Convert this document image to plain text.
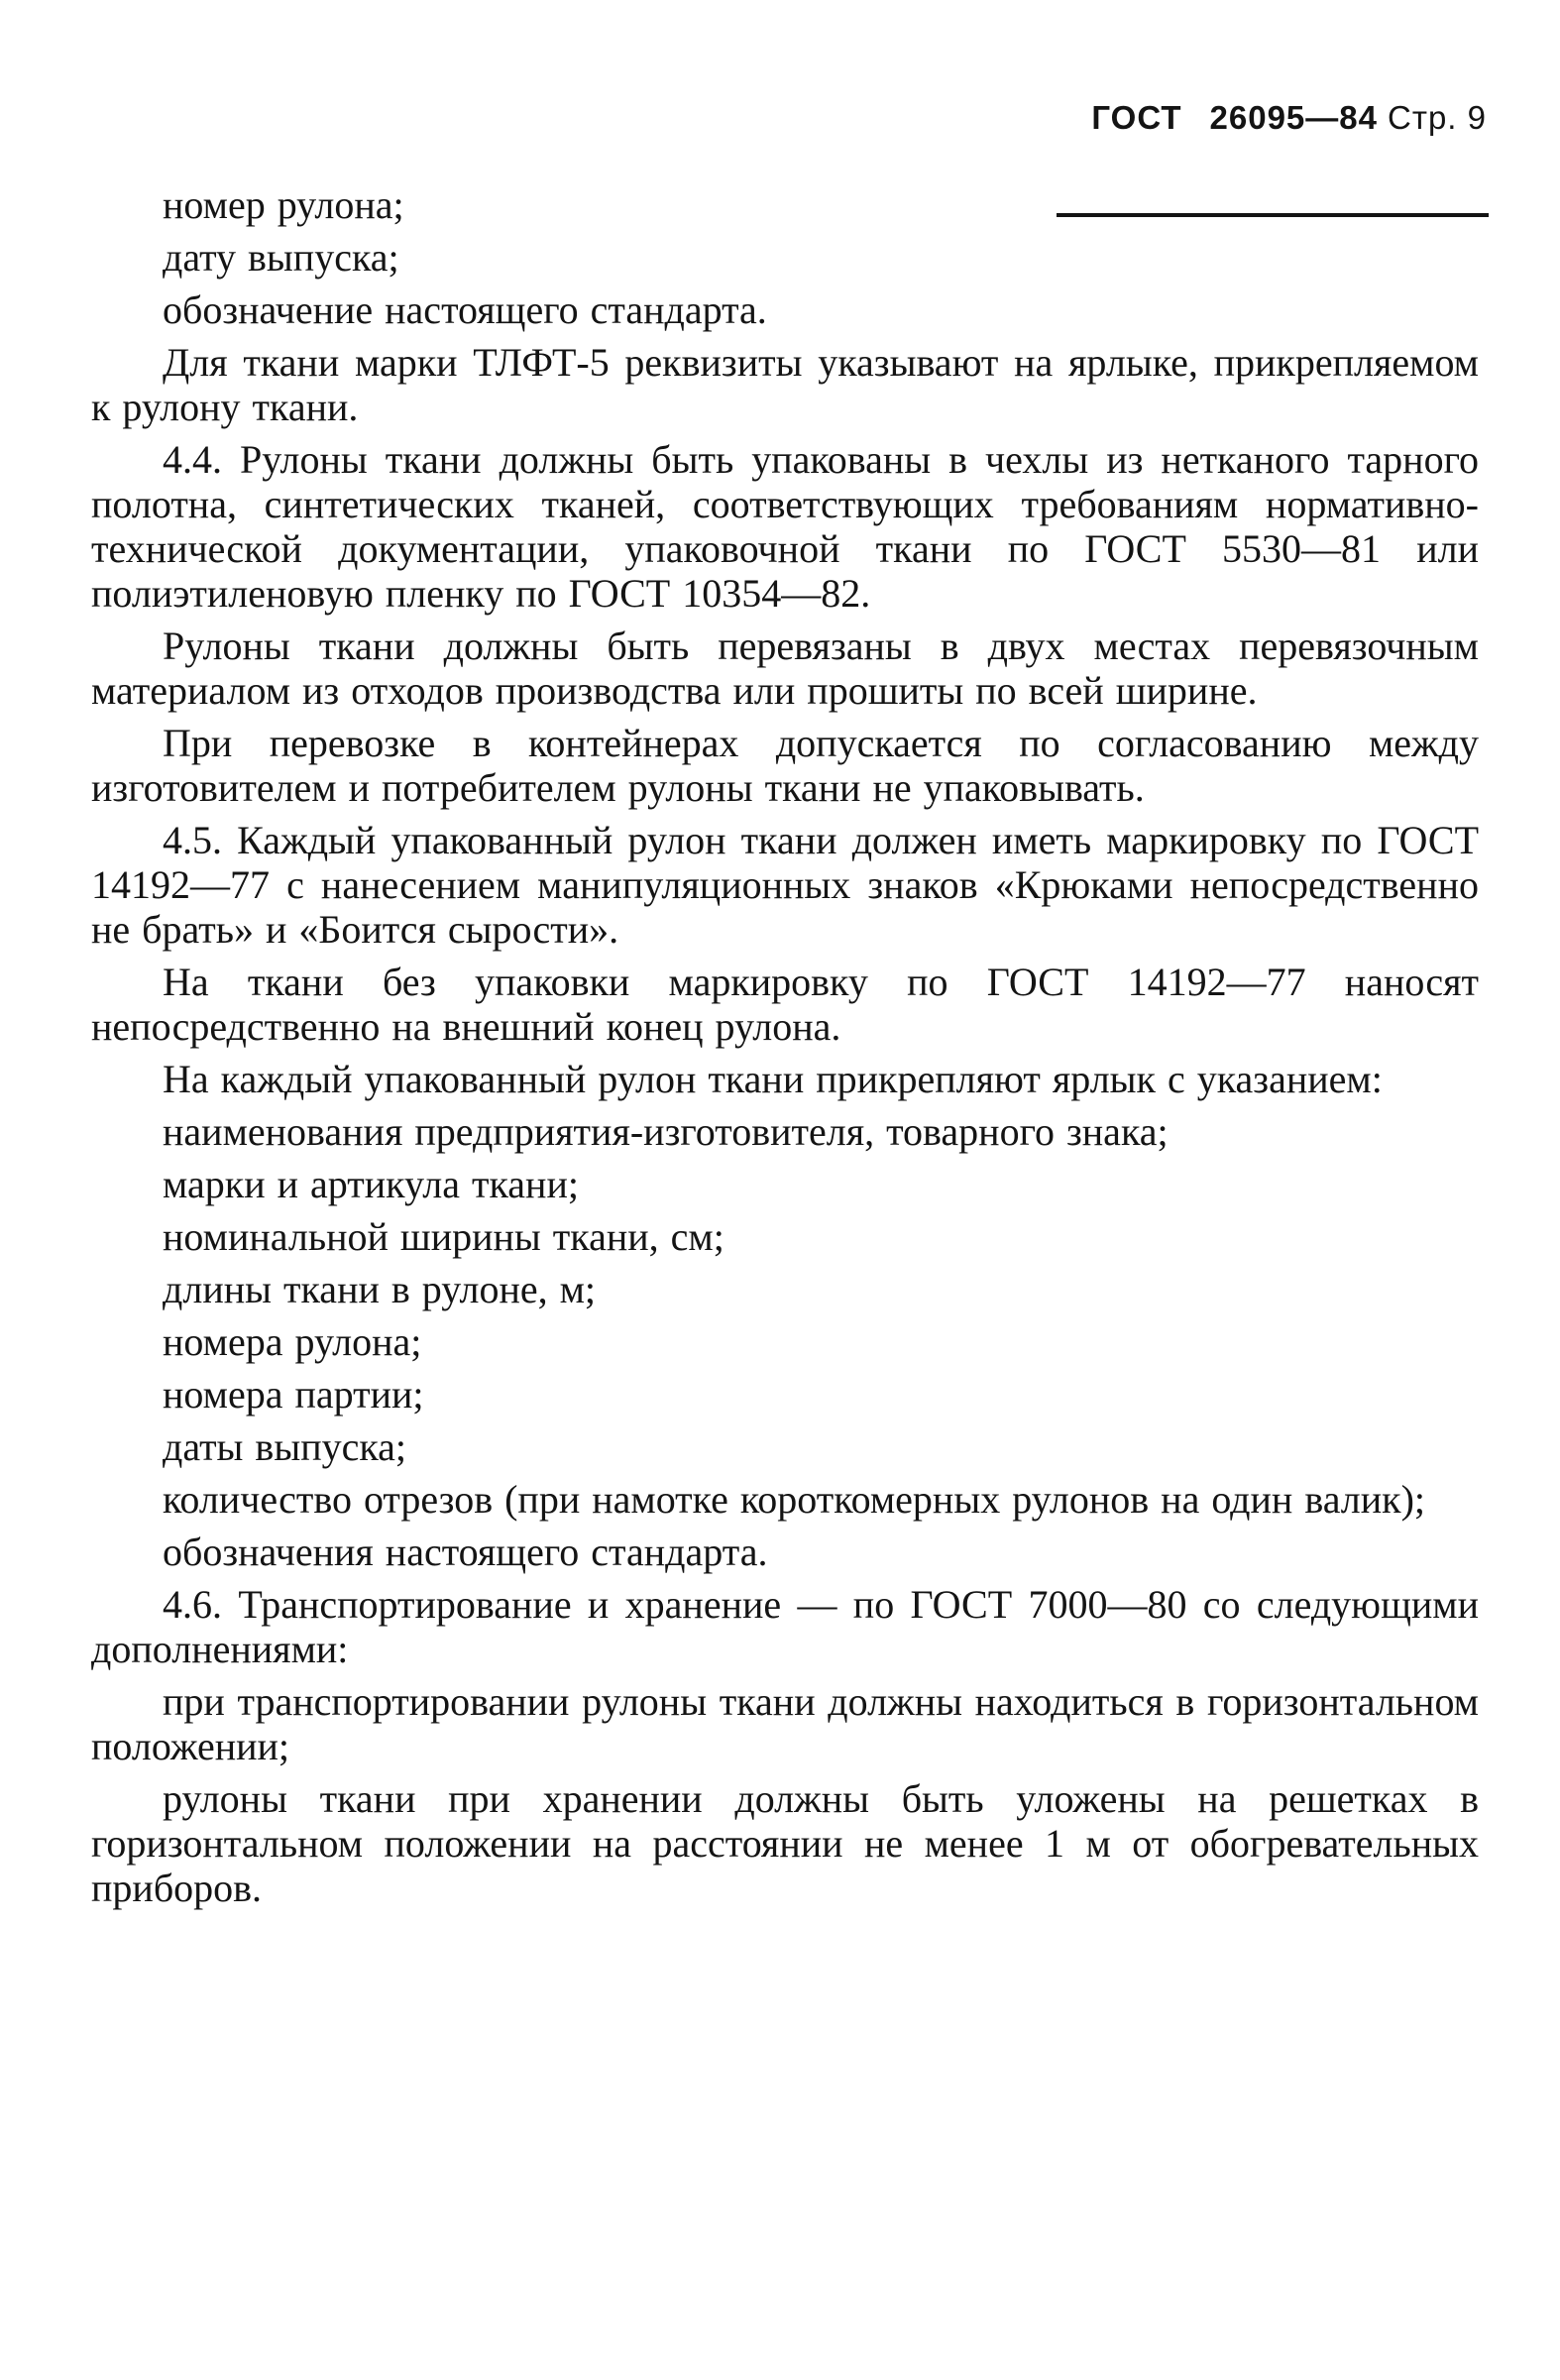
ГОСТ 26095—84 Стр. 9

номер рулона;

дату выпуска;

обозначение настоящего стандарта.

Для ткани марки ТЛФТ-5 реквизиты указывают на ярлыке, прикрепляемом к рулону ткани.

4.4. Рулоны ткани должны быть упакованы в чехлы из нетканого тарного полотна, синтетических тканей, соответствующих требованиям нормативно-технической документации, упаковочной ткани по ГОСТ 5530—81 или полиэтиленовую пленку по ГОСТ 10354—82.

Рулоны ткани должны быть перевязаны в двух местах перевязочным материалом из отходов производства или прошиты по всей ширине.

При перевозке в контейнерах допускается по согласованию между изготовителем и потребителем рулоны ткани не упаковывать.

4.5. Каждый упакованный рулон ткани должен иметь маркировку по ГОСТ 14192—77 с нанесением манипуляционных знаков «Крюками непосредственно не брать» и «Боится сырости».

На ткани без упаковки маркировку по ГОСТ 14192—77 наносят непосредственно на внешний конец рулона.

На каждый упакованный рулон ткани прикрепляют ярлык с указанием:

наименования предприятия-изготовителя, товарного знака;

марки и артикула ткани;

номинальной ширины ткани, см;

длины ткани в рулоне, м;

номера рулона;

номера партии;

даты выпуска;

количество отрезов (при намотке короткомерных рулонов на один валик);

обозначения настоящего стандарта.

4.6. Транспортирование и хранение — по ГОСТ 7000—80 со следующими дополнениями:

при транспортировании рулоны ткани должны находиться в горизонтальном положении;

рулоны ткани при хранении должны быть уложены на решетках в горизонтальном положении на расстоянии не менее 1 м от обогревательных приборов.
